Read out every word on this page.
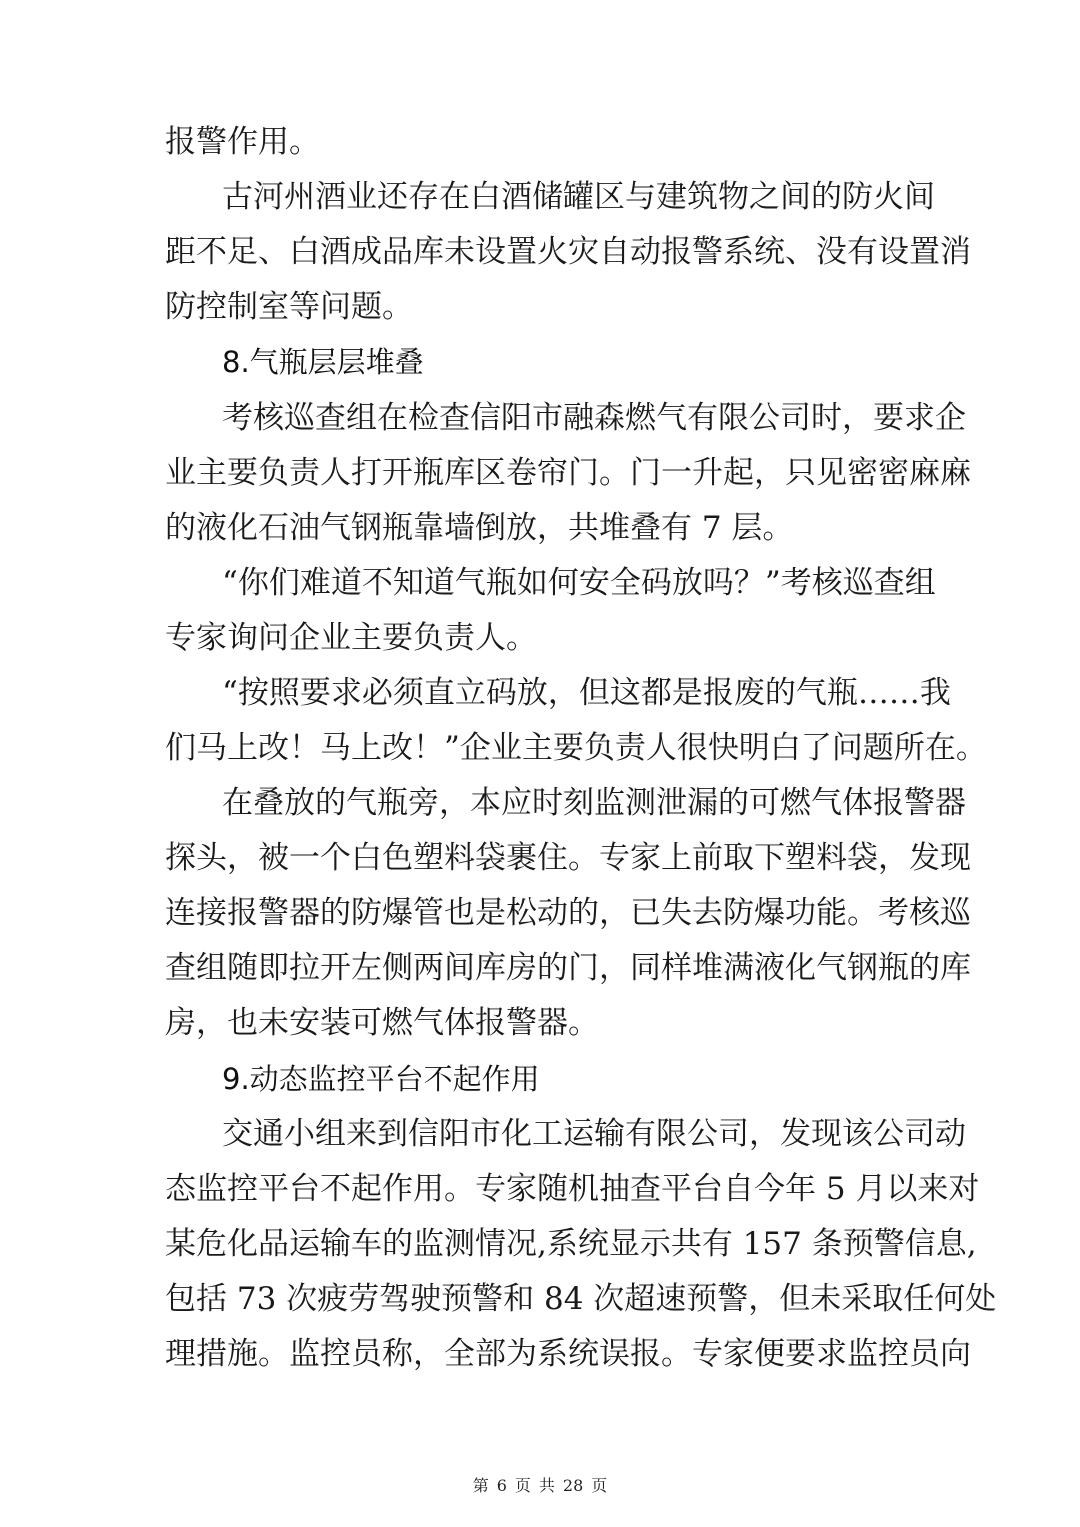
报警作用。
古河州酒业还存在白酒储罐区与建筑物之间的防火间
距不足、白酒成品库未设置火灾自动报警系统、没有设置消
防控制室等问题。
考核巡查组在检查信阳市融森燃气有限公司时，要求企
业主要负责人打开瓶库区卷帘门。门一升起，只见密密麻麻
的液化石油气钢瓶靠墙倒放，共堆叠有 7 层。
“你们难道不知道气瓶如何安全码放吗？”考核巡查组
专家询问企业主要负责人。
“按照要求必须直立码放，但这都是报废的气瓶……我
们马上改！马上改！”企业主要负责人很快明白了问题所在。
在叠放的气瓶旁，本应时刻监测泄漏的可燃气体报警器
探头，被一个白色塑料袋裹住。专家上前取下塑料袋，发现
连接报警器的防爆管也是松动的，已失去防爆功能。考核巡
查组随即拉开左侧两间库房的门，同样堆满液化气钢瓶的库
房，也未安装可燃气体报警器。
交通小组来到信阳市化工运输有限公司，发现该公司动
态监控平台不起作用。专家随机抽查平台自今年 5 月以来对
某危化品运输车的监测情况,系统显示共有 157 条预警信息,
包括 73 次疲劳驾驶预警和 84 次超速预警，但未采取任何处
理措施。监控员称，全部为系统误报。专家便要求监控员向
8.气瓶层层堆叠
9.动态监控平台不起作用
第 6 页 共 28 页
